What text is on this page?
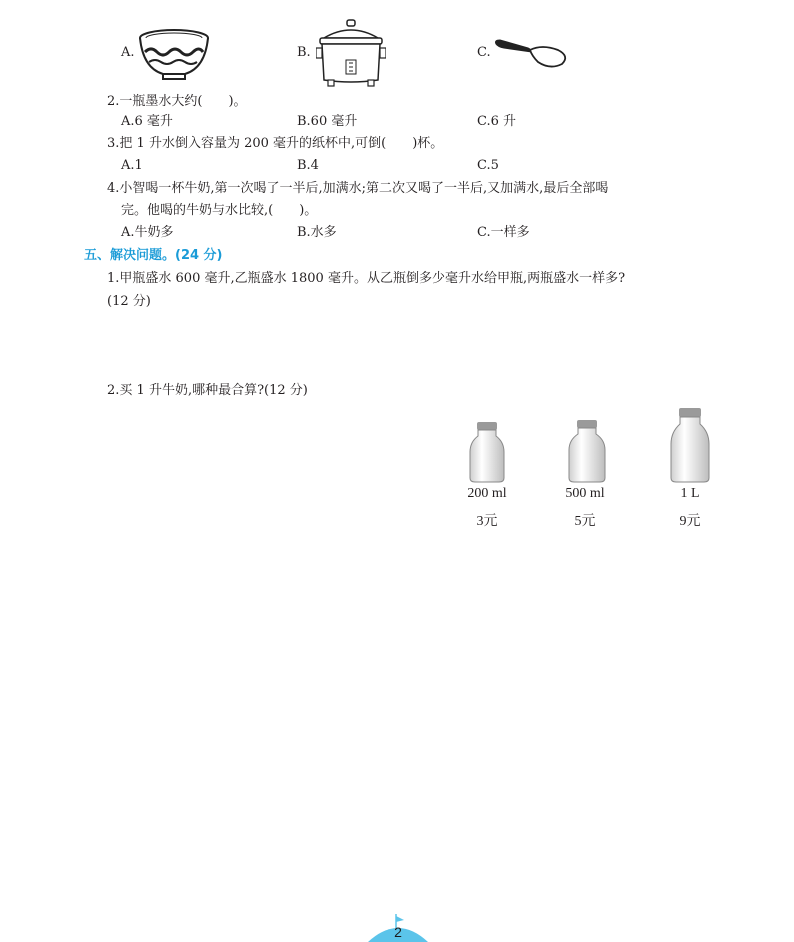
A.	B.	C.
2.一瓶墨水大约(　　)。
A.6 毫升	B.60 毫升	C.6 升
3.把 1 升水倒入容量为 200 毫升的纸杯中,可倒(　　)杯。
A.1	B.4	C.5
4.小智喝一杯牛奶,第一次喝了一半后,加满水;第二次又喝了一半后,又加满水,最后全部喝
完。他喝的牛奶与水比较,(　　)。
A.牛奶多	B.水多	C.一样多
五、解决问题。(24 分)
1.甲瓶盛水 600 毫升,乙瓶盛水 1800 毫升。从乙瓶倒多少毫升水给甲瓶,两瓶盛水一样多?
(12 分)
2.买 1 升牛奶,哪种最合算?(12 分)
200 ml
3元
500 ml
5元
1 L
9元
2
